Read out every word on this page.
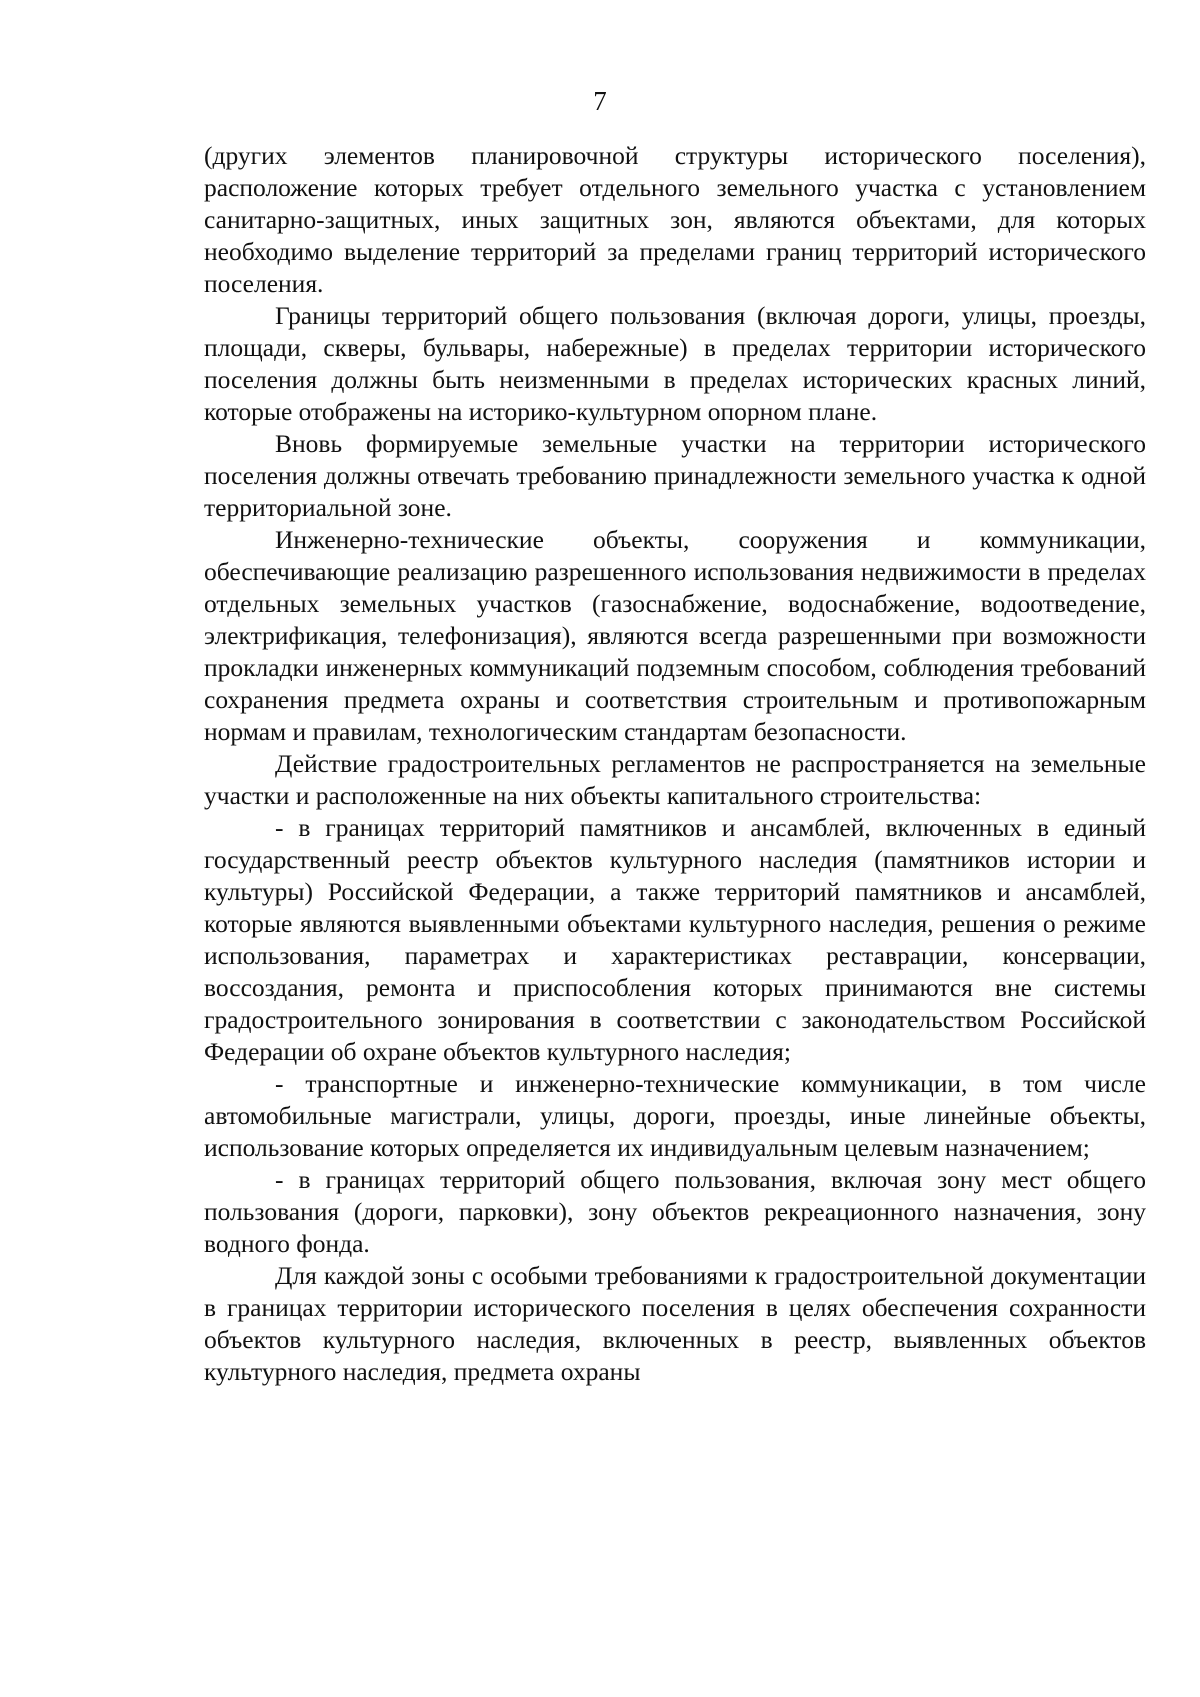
7

(других элементов планировочной структуры исторического поселения), расположение которых требует отдельного земельного участка с установлением санитарно-защитных, иных защитных зон, являются объектами, для которых необходимо выделение территорий за пределами границ территорий исторического поселения.

Границы территорий общего пользования (включая дороги, улицы, проезды, площади, скверы, бульвары, набережные) в пределах территории исторического поселения должны быть неизменными в пределах исторических красных линий, которые отображены на историко-культурном опорном плане.

Вновь формируемые земельные участки на территории исторического поселения должны отвечать требованию принадлежности земельного участка к одной территориальной зоне.

Инженерно-технические объекты, сооружения и коммуникации, обеспечивающие реализацию разрешенного использования недвижимости в пределах отдельных земельных участков (газоснабжение, водоснабжение, водоотведение, электрификация, телефонизация), являются всегда разрешенными при возможности прокладки инженерных коммуникаций подземным способом, соблюдения требований сохранения предмета охраны и соответствия строительным и противопожарным нормам и правилам, технологическим стандартам безопасности.

Действие градостроительных регламентов не распространяется на земельные участки и расположенные на них объекты капитального строительства:

- в границах территорий памятников и ансамблей, включенных в единый государственный реестр объектов культурного наследия (памятников истории и культуры) Российской Федерации, а также территорий памятников и ансамблей, которые являются выявленными объектами культурного наследия, решения о режиме использования, параметрах и характеристиках реставрации, консервации, воссоздания, ремонта и приспособления которых принимаются вне системы градостроительного зонирования в соответствии с законодательством Российской Федерации об охране объектов культурного наследия;

- транспортные и инженерно-технические коммуникации, в том числе автомобильные магистрали, улицы, дороги, проезды, иные линейные объекты, использование которых определяется их индивидуальным целевым назначением;

- в границах территорий общего пользования, включая зону мест общего пользования (дороги, парковки), зону объектов рекреационного назначения, зону водного фонда.

Для каждой зоны с особыми требованиями к градостроительной документации в границах территории исторического поселения в целях обеспечения сохранности объектов культурного наследия, включенных в реестр, выявленных объектов культурного наследия, предмета охраны
